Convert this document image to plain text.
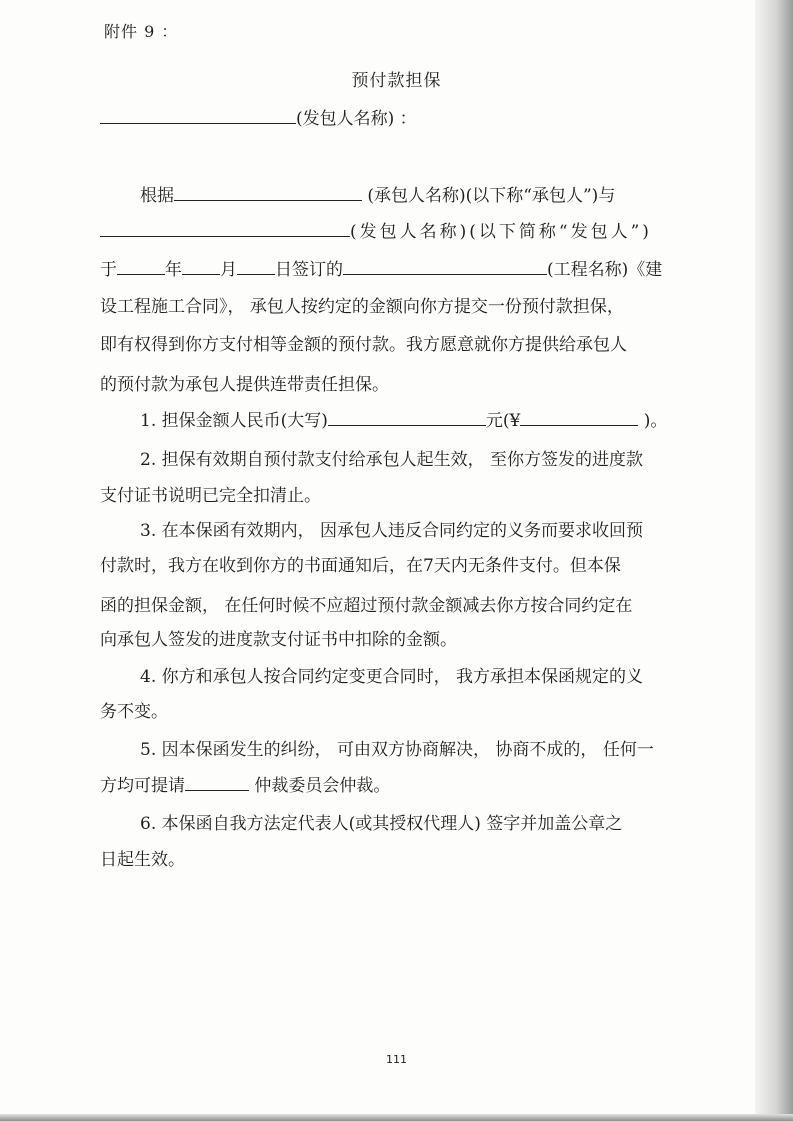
附件 9 ：
预付款担保
(发包人名称) ：
根据	(承包人名称)(以下称“承包人”)与
(发包人名称)(以下简称“发包人”)
于	年 月 日签订的	(工程名称)《建
设工程施工合同》， 承包人按约定的金额向你方提交一份预付款担保，
即有权得到你方支付相等金额的预付款。我方愿意就你方提供给承包人
的预付款为承包人提供连带责任担保。
1. 担保金额人民币(大写)	元(¥	)。
2. 担保有效期自预付款支付给承包人起生效， 至你方签发的进度款
支付证书说明已完全扣清止。
3. 在本保函有效期内， 因承包人违反合同约定的义务而要求收回预
付款时，我方在收到你方的书面通知后，在7天内无条件支付。但本保
函的担保金额， 在任何时候不应超过预付款金额减去你方按合同约定在
向承包人签发的进度款支付证书中扣除的金额。
4. 你方和承包人按合同约定变更合同时， 我方承担本保函规定的义
务不变。
5. 因本保函发生的纠纷， 可由双方协商解决， 协商不成的， 任何一
方均可提请	仲裁委员会仲裁。
6. 本保函自我方法定代表人(或其授权代理人) 签字并加盖公章之
日起生效。
111
